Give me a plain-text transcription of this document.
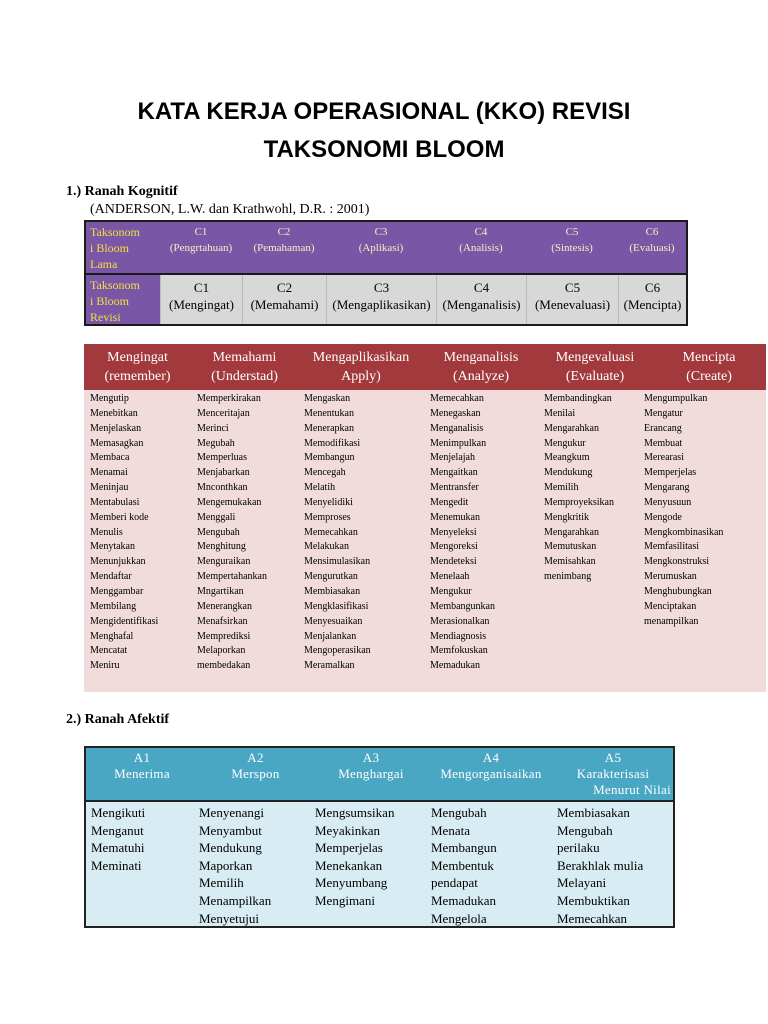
KATA KERJA OPERASIONAL (KKO) REVISI
TAKSONOMI BLOOM
1.) Ranah Kognitif
(ANDERSON, L.W. dan Krathwohl, D.R. : 2001)
Taksonom
i Bloom
Lama
C1
(Pengrtahuan)
C2
(Pemahaman)
C3
(Aplikasi)
C4
(Analisis)
C5
(Sintesis)
C6
(Evaluasi)
Taksonom
i Bloom
Revisi
C1
(Mengingat)
C2
(Memahami)
C3
(Mengaplikasikan)
C4
(Menganalisis)
C5
(Menevaluasi)
C6
(Mencipta)
Mengingat
(remember)
Memahami
(Understad)
Mengaplikasikan
Apply)
Menganalisis
(Analyze)
Mengevaluasi
(Evaluate)
Mencipta
(Create)
Mengutip
Menebitkan
Menjelaskan
Memasagkan
Membaca
Menamai
Meninjau
Mentabulasi
Memberi kode
Menulis
Menytakan
Menunjukkan
Mendaftar
Menggambar
Membilang
Mengidentifikasi
Menghafal
Mencatat
Meniru
Memperkirakan
Menceritajan
Merinci
Megubah
Memperluas
Menjabarkan
Mnconthkan
Mengemukakan
Menggali
Mengubah
Menghitung
Menguraikan
Mempertahankan
Mngartikan
Menerangkan
Menafsirkan
Memprediksi
Melaporkan
membedakan
Mengaskan
Menentukan
Menerapkan
Memodifikasi
Membangun
Mencegah
Melatih
Menyelidiki
Memproses
Memecahkan
Melakukan
Mensimulasikan
Mengurutkan
Membiasakan
Mengklasifikasi
Menyesuaikan
Menjalankan
Mengoperasikan
Meramalkan
Memecahkan
Menegaskan
Menganalisis
Menimpulkan
Menjelajah
Mengaitkan
Mentransfer
Mengedit
Menemukan
Menyeleksi
Mengoreksi
Mendeteksi
Menelaah
Mengukur
Membangunkan
Merasionalkan
Mendiagnosis
Memfokuskan
Memadukan
Membandingkan
Menilai
Mengarahkan
Mengukur
Meangkum
Mendukung
Memilih
Memproyeksikan
Mengkritik
Mengarahkan
Memutuskan
Memisahkan
menimbang
Mengumpulkan
Mengatur
Erancang
Membuat
Merearasi
Memperjelas
Mengarang
Menyusuun
Mengode
Mengkombinasikan
Memfasilitasi
Mengkonstruksi
Merumuskan
Menghubungkan
Menciptakan
menampilkan
2.) Ranah Afektif
A1
Menerima
A2
Merspon
A3
Menghargai
A4
Mengorganisaikan
A5
Karakterisasi
Menurut Nilai
Mengikuti
Menganut
Mematuhi
Meminati
Menyenangi
Menyambut
Mendukung
Maporkan
Memilih
Menampilkan
Menyetujui
Mengsumsikan
Meyakinkan
Memperjelas
Menekankan
Menyumbang
Mengimani
Mengubah
Menata
Membangun
Membentuk
pendapat
Memadukan
Mengelola
Membiasakan
Mengubah
perilaku
Berakhlak mulia
Melayani
Membuktikan
Memecahkan
